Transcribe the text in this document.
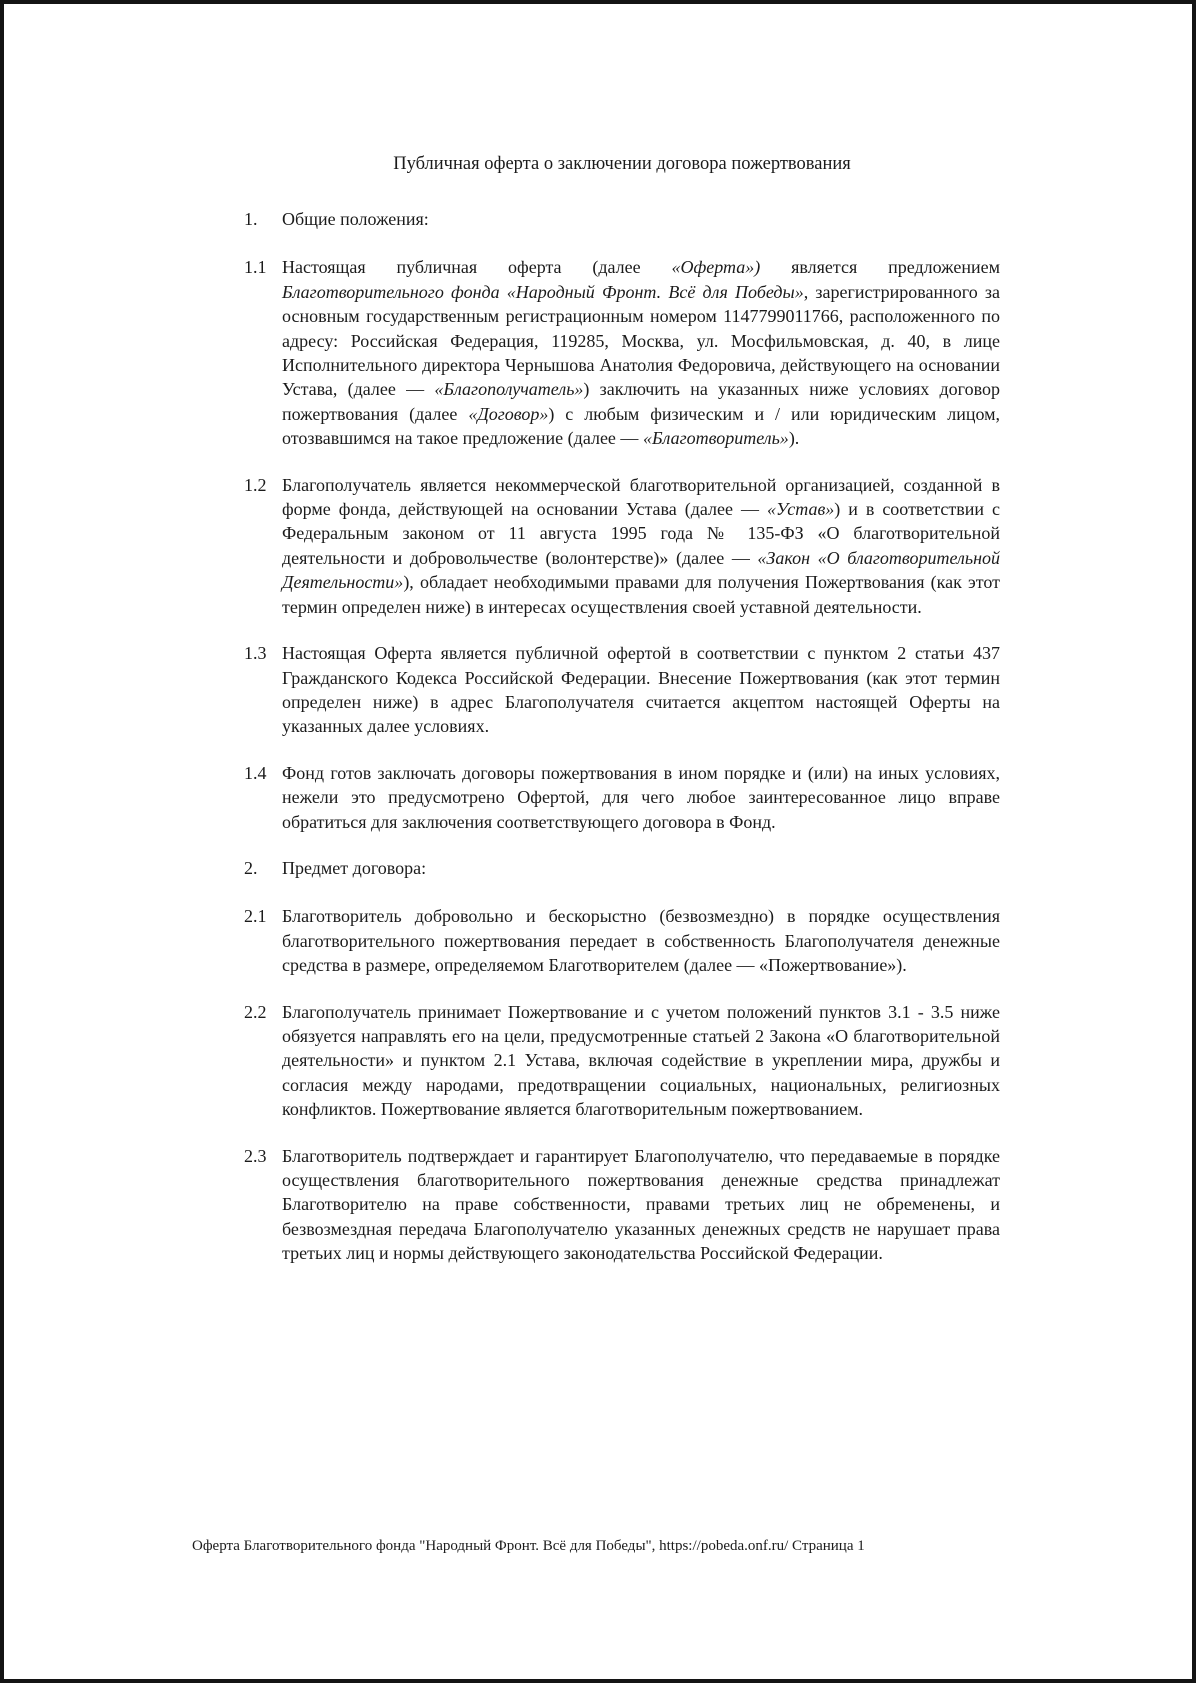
Публичная оферта о заключении договора пожертвования
1. Общие положения:
1.1 Настоящая публичная оферта (далее «Оферта») является предложением Благотворительного фонда «Народный Фронт. Всё для Победы», зарегистрированного за основным государственным регистрационным номером 1147799011766, расположенного по адресу: Российская Федерация, 119285, Москва, ул. Мосфильмовская, д. 40, в лице Исполнительного директора Чернышова Анатолия Федоровича, действующего на основании Устава, (далее — «Благополучатель») заключить на указанных ниже условиях договор пожертвования (далее «Договор») с любым физическим и / или юридическим лицом, отозвавшимся на такое предложение (далее — «Благотворитель»).
1.2 Благополучатель является некоммерческой благотворительной организацией, созданной в форме фонда, действующей на основании Устава (далее — «Устав») и в соответствии с Федеральным законом от 11 августа 1995 года № 135-ФЗ «О благотворительной деятельности и добровольчестве (волонтерстве)» (далее — «Закон «О благотворительной Деятельности»), обладает необходимыми правами для получения Пожертвования (как этот термин определен ниже) в интересах осуществления своей уставной деятельности.
1.3 Настоящая Оферта является публичной офертой в соответствии с пунктом 2 статьи 437 Гражданского Кодекса Российской Федерации. Внесение Пожертвования (как этот термин определен ниже) в адрес Благополучателя считается акцептом настоящей Оферты на указанных далее условиях.
1.4 Фонд готов заключать договоры пожертвования в ином порядке и (или) на иных условиях, нежели это предусмотрено Офертой, для чего любое заинтересованное лицо вправе обратиться для заключения соответствующего договора в Фонд.
2. Предмет договора:
2.1 Благотворитель добровольно и бескорыстно (безвозмездно) в порядке осуществления благотворительного пожертвования передает в собственность Благополучателя денежные средства в размере, определяемом Благотворителем (далее — «Пожертвование»).
2.2 Благополучатель принимает Пожертвование и с учетом положений пунктов 3.1 - 3.5 ниже обязуется направлять его на цели, предусмотренные статьей 2 Закона «О благотворительной деятельности» и пунктом 2.1 Устава, включая содействие в укреплении мира, дружбы и согласия между народами, предотвращении социальных, национальных, религиозных конфликтов. Пожертвование является благотворительным пожертвованием.
2.3 Благотворитель подтверждает и гарантирует Благополучателю, что передаваемые в порядке осуществления благотворительного пожертвования денежные средства принадлежат Благотворителю на праве собственности, правами третьих лиц не обременены, и безвозмездная передача Благополучателю указанных денежных средств не нарушает права третьих лиц и нормы действующего законодательства Российской Федерации.
Оферта Благотворительного фонда "Народный Фронт. Всё для Победы", https://pobeda.onf.ru/ Страница 1
